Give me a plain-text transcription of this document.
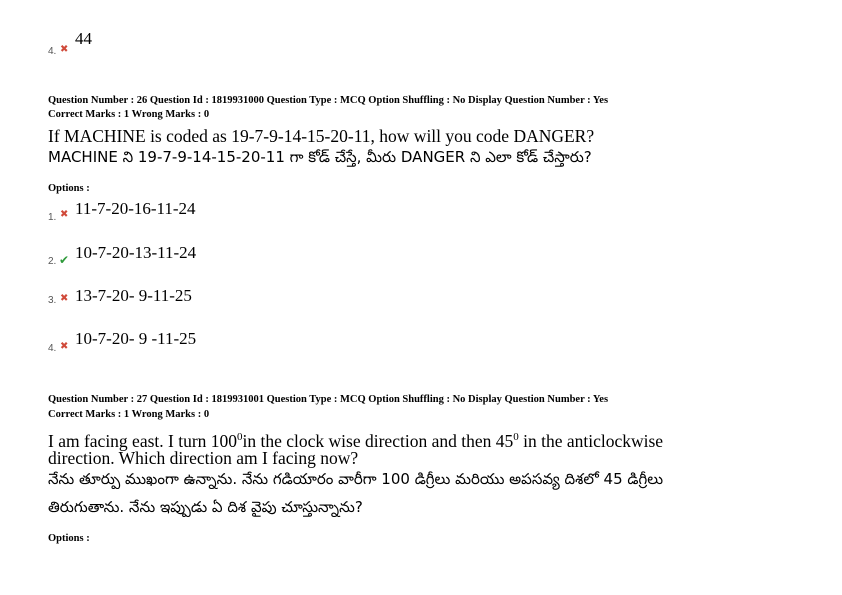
4. ✖
44
Question Number : 26 Question Id : 1819931000 Question Type : MCQ Option Shuffling : No Display Question Number : Yes
Correct Marks : 1 Wrong Marks : 0
If MACHINE is coded as 19-7-9-14-15-20-11, how will you code DANGER?
MACHINE ని 19-7-9-14-15-20-11 గా కోడ్ చేస్తే, మీరు DANGER ని ఎలా కోడ్ చేస్తారు?
Options :
1. ✖ 11-7-20-16-11-24
2. ✔ 10-7-20-13-11-24
3. ✖ 13-7-20- 9-11-25
4. ✖ 10-7-20- 9 -11-25
Question Number : 27 Question Id : 1819931001 Question Type : MCQ Option Shuffling : No Display Question Number : Yes
Correct Marks : 1 Wrong Marks : 0
I am facing east. I turn $100^0in$ the clock wise direction and then $45^0$ in the anticlockwise
direction. Which direction am I facing now?
నేను తూర్పు ముఖంగా ఉన్నాను. నేను గడియారం వారీగా 100 డిగ్రీలు మరియు అపసవ్య దిశలో 45 డిగ్రీలు
తిరుగుతాను. నేను ఇప్పుడు ఏ దిశ వైపు చూస్తున్నాను?
Options :
